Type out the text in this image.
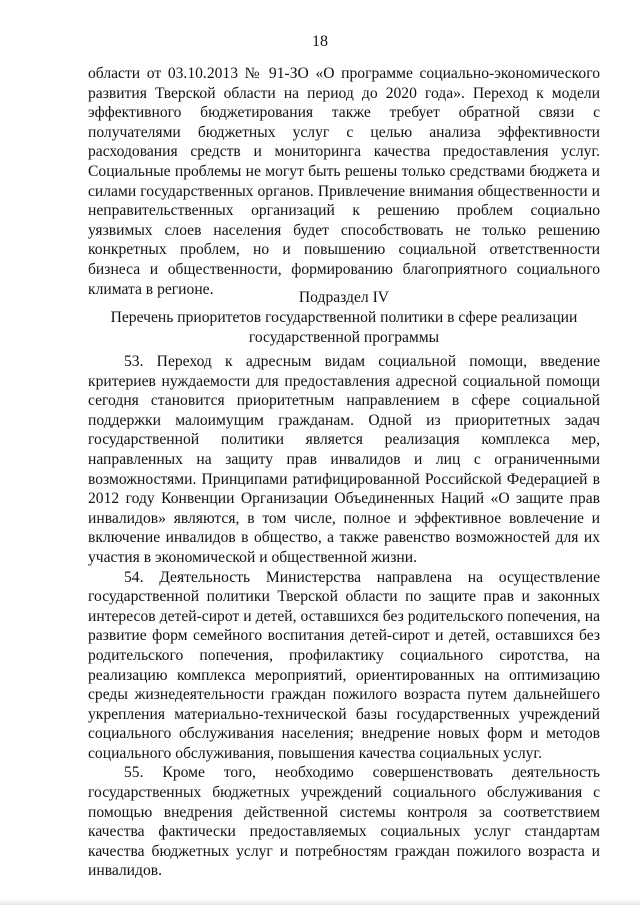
18

области от 03.10.2013 № 91-ЗО «О программе социально-экономического развития Тверской области на период до 2020 года». Переход к модели эффективного бюджетирования также требует обратной связи с получателями бюджетных услуг с целью анализа эффективности расходования средств и мониторинга качества предоставления услуг. Социальные проблемы не могут быть решены только средствами бюджета и силами государственных органов. Привлечение внимания общественности и неправительственных организаций к решению проблем социально уязвимых слоев населения будет способствовать не только решению конкретных проблем, но и повышению социальной ответственности бизнеса и общественности, формированию благоприятного социального климата в регионе.	Подраздел IV
Перечень приоритетов государственной политики в сфере реализации государственной программы

53. Переход к адресным видам социальной помощи, введение критериев нуждаемости для предоставления адресной социальной помощи сегодня становится приоритетным направлением в сфере социальной поддержки малоимущим гражданам. Одной из приоритетных задач государственной политики является реализация комплекса мер, направленных на защиту прав инвалидов и лиц с ограниченными возможностями. Принципами ратифицированной Российской Федерацией в 2012 году Конвенции Организации Объединенных Наций «О защите прав инвалидов» являются, в том числе, полное и эффективное вовлечение и включение инвалидов в общество, а также равенство возможностей для их участия в экономической и общественной жизни.

54. Деятельность Министерства направлена на осуществление государственной политики Тверской области по защите прав и законных интересов детей-сирот и детей, оставшихся без родительского попечения, на развитие форм семейного воспитания детей-сирот и детей, оставшихся без родительского попечения, профилактику социального сиротства, на реализацию комплекса мероприятий, ориентированных на оптимизацию среды жизнедеятельности граждан пожилого возраста путем дальнейшего укрепления материально-технической базы государственных учреждений социального обслуживания населения; внедрение новых форм и методов социального обслуживания, повышения качества социальных услуг.

55. Кроме того, необходимо совершенствовать деятельность государственных бюджетных учреждений социального обслуживания с помощью внедрения действенной системы контроля за соответствием качества фактически предоставляемых социальных услуг стандартам качества бюджетных услуг и потребностям граждан пожилого возраста и инвалидов.
